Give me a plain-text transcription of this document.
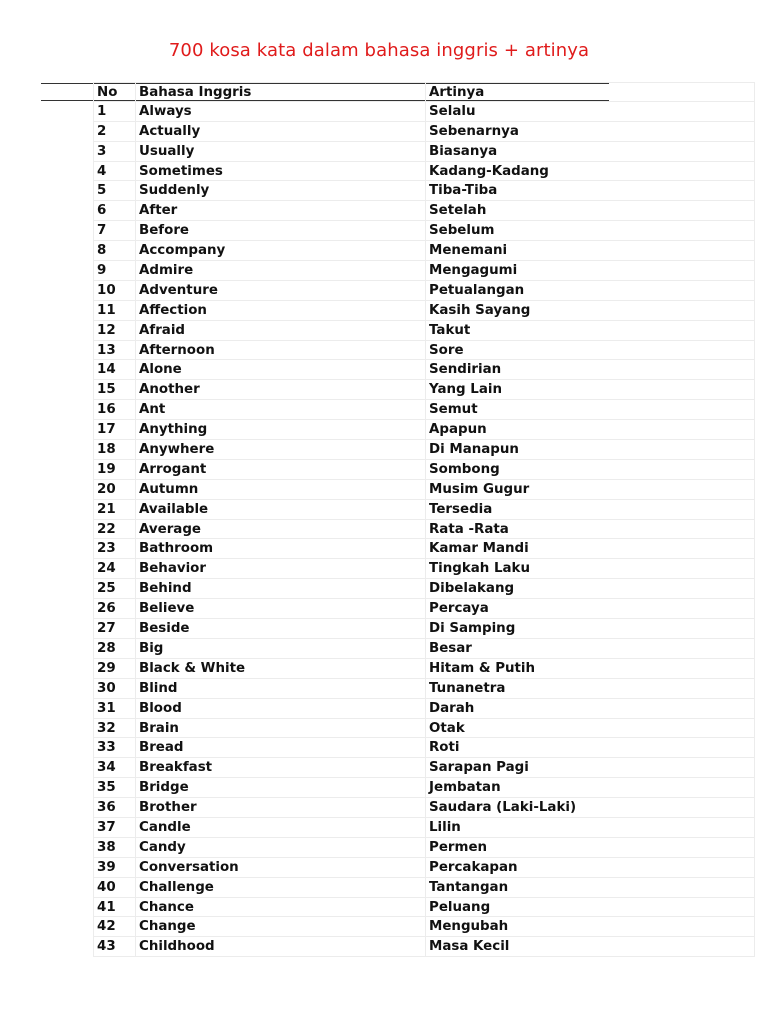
700 kosa kata dalam bahasa inggris + artinya
No	Bahasa Inggris	Artinya
1	Always	Selalu
2	Actually	Sebenarnya
3	Usually	Biasanya
4	Sometimes	Kadang-Kadang
5	Suddenly	Tiba-Tiba
6	After	Setelah
7	Before	Sebelum
8	Accompany	Menemani
9	Admire	Mengagumi
10	Adventure	Petualangan
11	Affection	Kasih Sayang
12	Afraid	Takut
13	Afternoon	Sore
14	Alone	Sendirian
15	Another	Yang Lain
16	Ant	Semut
17	Anything	Apapun
18	Anywhere	Di Manapun
19	Arrogant	Sombong
20	Autumn	Musim Gugur
21	Available	Tersedia
22	Average	Rata -Rata
23	Bathroom	Kamar Mandi
24	Behavior	Tingkah Laku
25	Behind	Dibelakang
26	Believe	Percaya
27	Beside	Di Samping
28	Big	Besar
29	Black & White	Hitam & Putih
30	Blind	Tunanetra
31	Blood	Darah
32	Brain	Otak
33	Bread	Roti
34	Breakfast	Sarapan Pagi
35	Bridge	Jembatan
36	Brother	Saudara (Laki-Laki)
37	Candle	Lilin
38	Candy	Permen
39	Conversation	Percakapan
40	Challenge	Tantangan
41	Chance	Peluang
42	Change	Mengubah
43	Childhood	Masa Kecil
